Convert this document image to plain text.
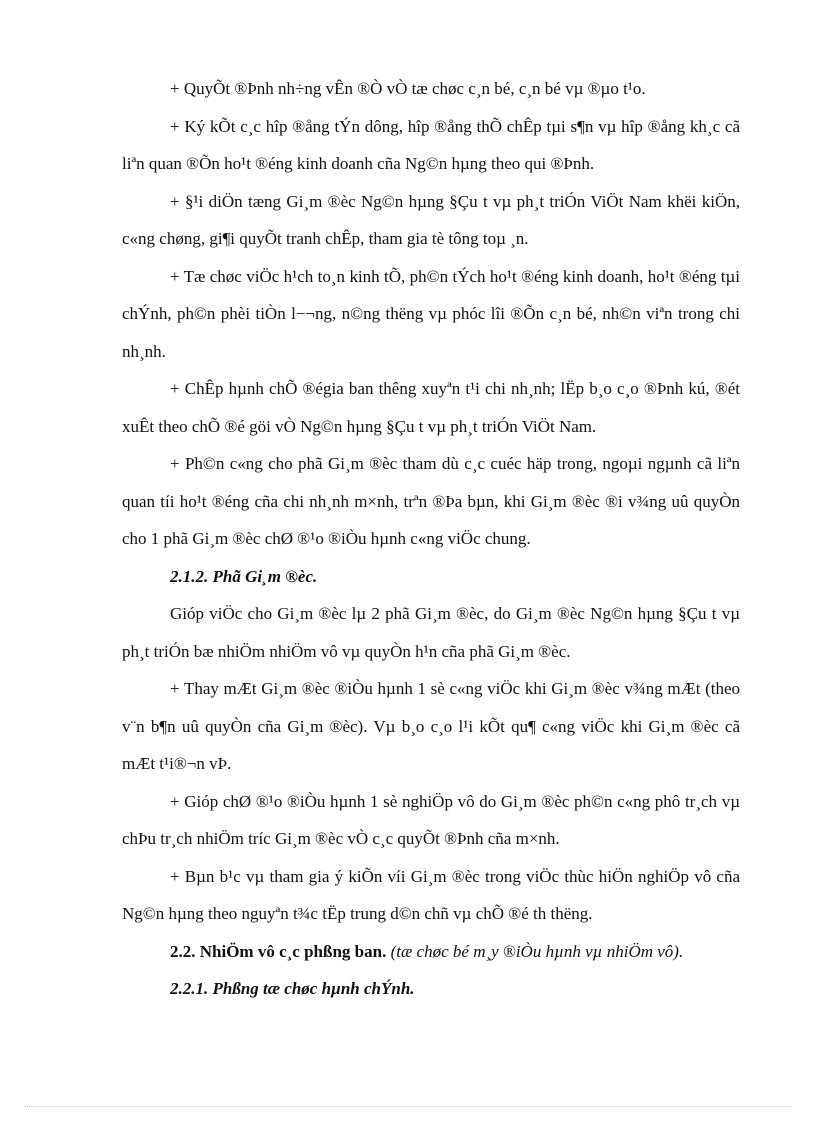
+ QuyÕt ®Þnh nh÷ng vÊn ®Ò vÒ tæ chøc c¸n bé, c¸n bé vµ ®µo t¹o.

+ Ký kÕt c¸c hîp ®ång tÝn dông, hîp ®ång thÕ chÊp tµi s¶n vµ hîp ®ång kh¸c cã liªn quan ®Õn ho¹t ®éng kinh doanh cña Ng©n hµng theo qui ®Þnh.

+ §¹i diÖn tæng Gi¸m ®èc Ng©n hµng §Çu t vµ ph¸t triÓn ViÖt Nam khëi kiÖn, c«ng chøng, gi¶i quyÕt tranh chÊp, tham gia tè tông toµ ¸n.

+ Tæ chøc viÖc h¹ch to¸n kinh tÕ, ph©n tÝch ho¹t ®éng kinh doanh, ho¹t ®éng tµi chÝnh, ph©n phèi tiÒn l−¬ng, n©ng thëng vµ phóc lîi ®Õn c¸n bé, nh©n viªn trong chi nh¸nh.

+ ChÊp hµnh chÕ ®égia ban thêng xuyªn t¹i chi nh¸nh; lËp b¸o c¸o ®Þnh kú, ®ét xuÊt theo chÕ ®é göi vÒ Ng©n hµng §Çu t vµ ph¸t triÓn ViÖt Nam.

+ Ph©n c«ng cho phã Gi¸m ®èc tham dù c¸c cuéc häp trong, ngoµi ngµnh cã liªn quan tíi ho¹t ®éng cña chi nh¸nh m×nh, trªn ®Þa bµn, khi Gi¸m ®èc ®i v¾ng uû quyÒn cho 1 phã Gi¸m ®èc chØ ®¹o ®iÒu hµnh c«ng viÖc chung.

2.1.2. Phã Gi¸m ®èc.

Gióp viÖc cho Gi¸m ®èc lµ 2 phã Gi¸m ®èc, do Gi¸m ®èc Ng©n hµng §Çu t vµ ph¸t triÓn bæ nhiÖm nhiÖm vô vµ quyÒn h¹n cña phã Gi¸m ®èc.

+ Thay mÆt Gi¸m ®èc ®iÒu hµnh 1 sè c«ng viÖc khi Gi¸m ®èc v¾ng mÆt (theo v¨n b¶n uû quyÒn cña Gi¸m ®èc). Vµ b¸o c¸o l¹i kÕt qu¶ c«ng viÖc khi Gi¸m ®èc cã mÆt t¹i®¬n vÞ.

+ Gióp chØ ®¹o ®iÒu hµnh 1 sè nghiÖp vô do Gi¸m ®èc ph©n c«ng phô tr¸ch vµ chÞu tr¸ch nhiÖm tríc Gi¸m ®èc vÒ c¸c quyÕt ®Þnh cña m×nh.

+ Bµn b¹c vµ tham gia ý kiÕn víi Gi¸m ®èc trong viÖc thùc hiÖn nghiÖp vô cña Ng©n hµng theo nguyªn t¾c tËp trung d©n chñ vµ chÕ ®é th thëng.

2.2. NhiÖm vô c¸c phßng ban. (tæ chøc bé m¸y ®iÒu hµnh vµ nhiÖm vô).

2.2.1. Phßng tæ chøc hµnh chÝnh.
